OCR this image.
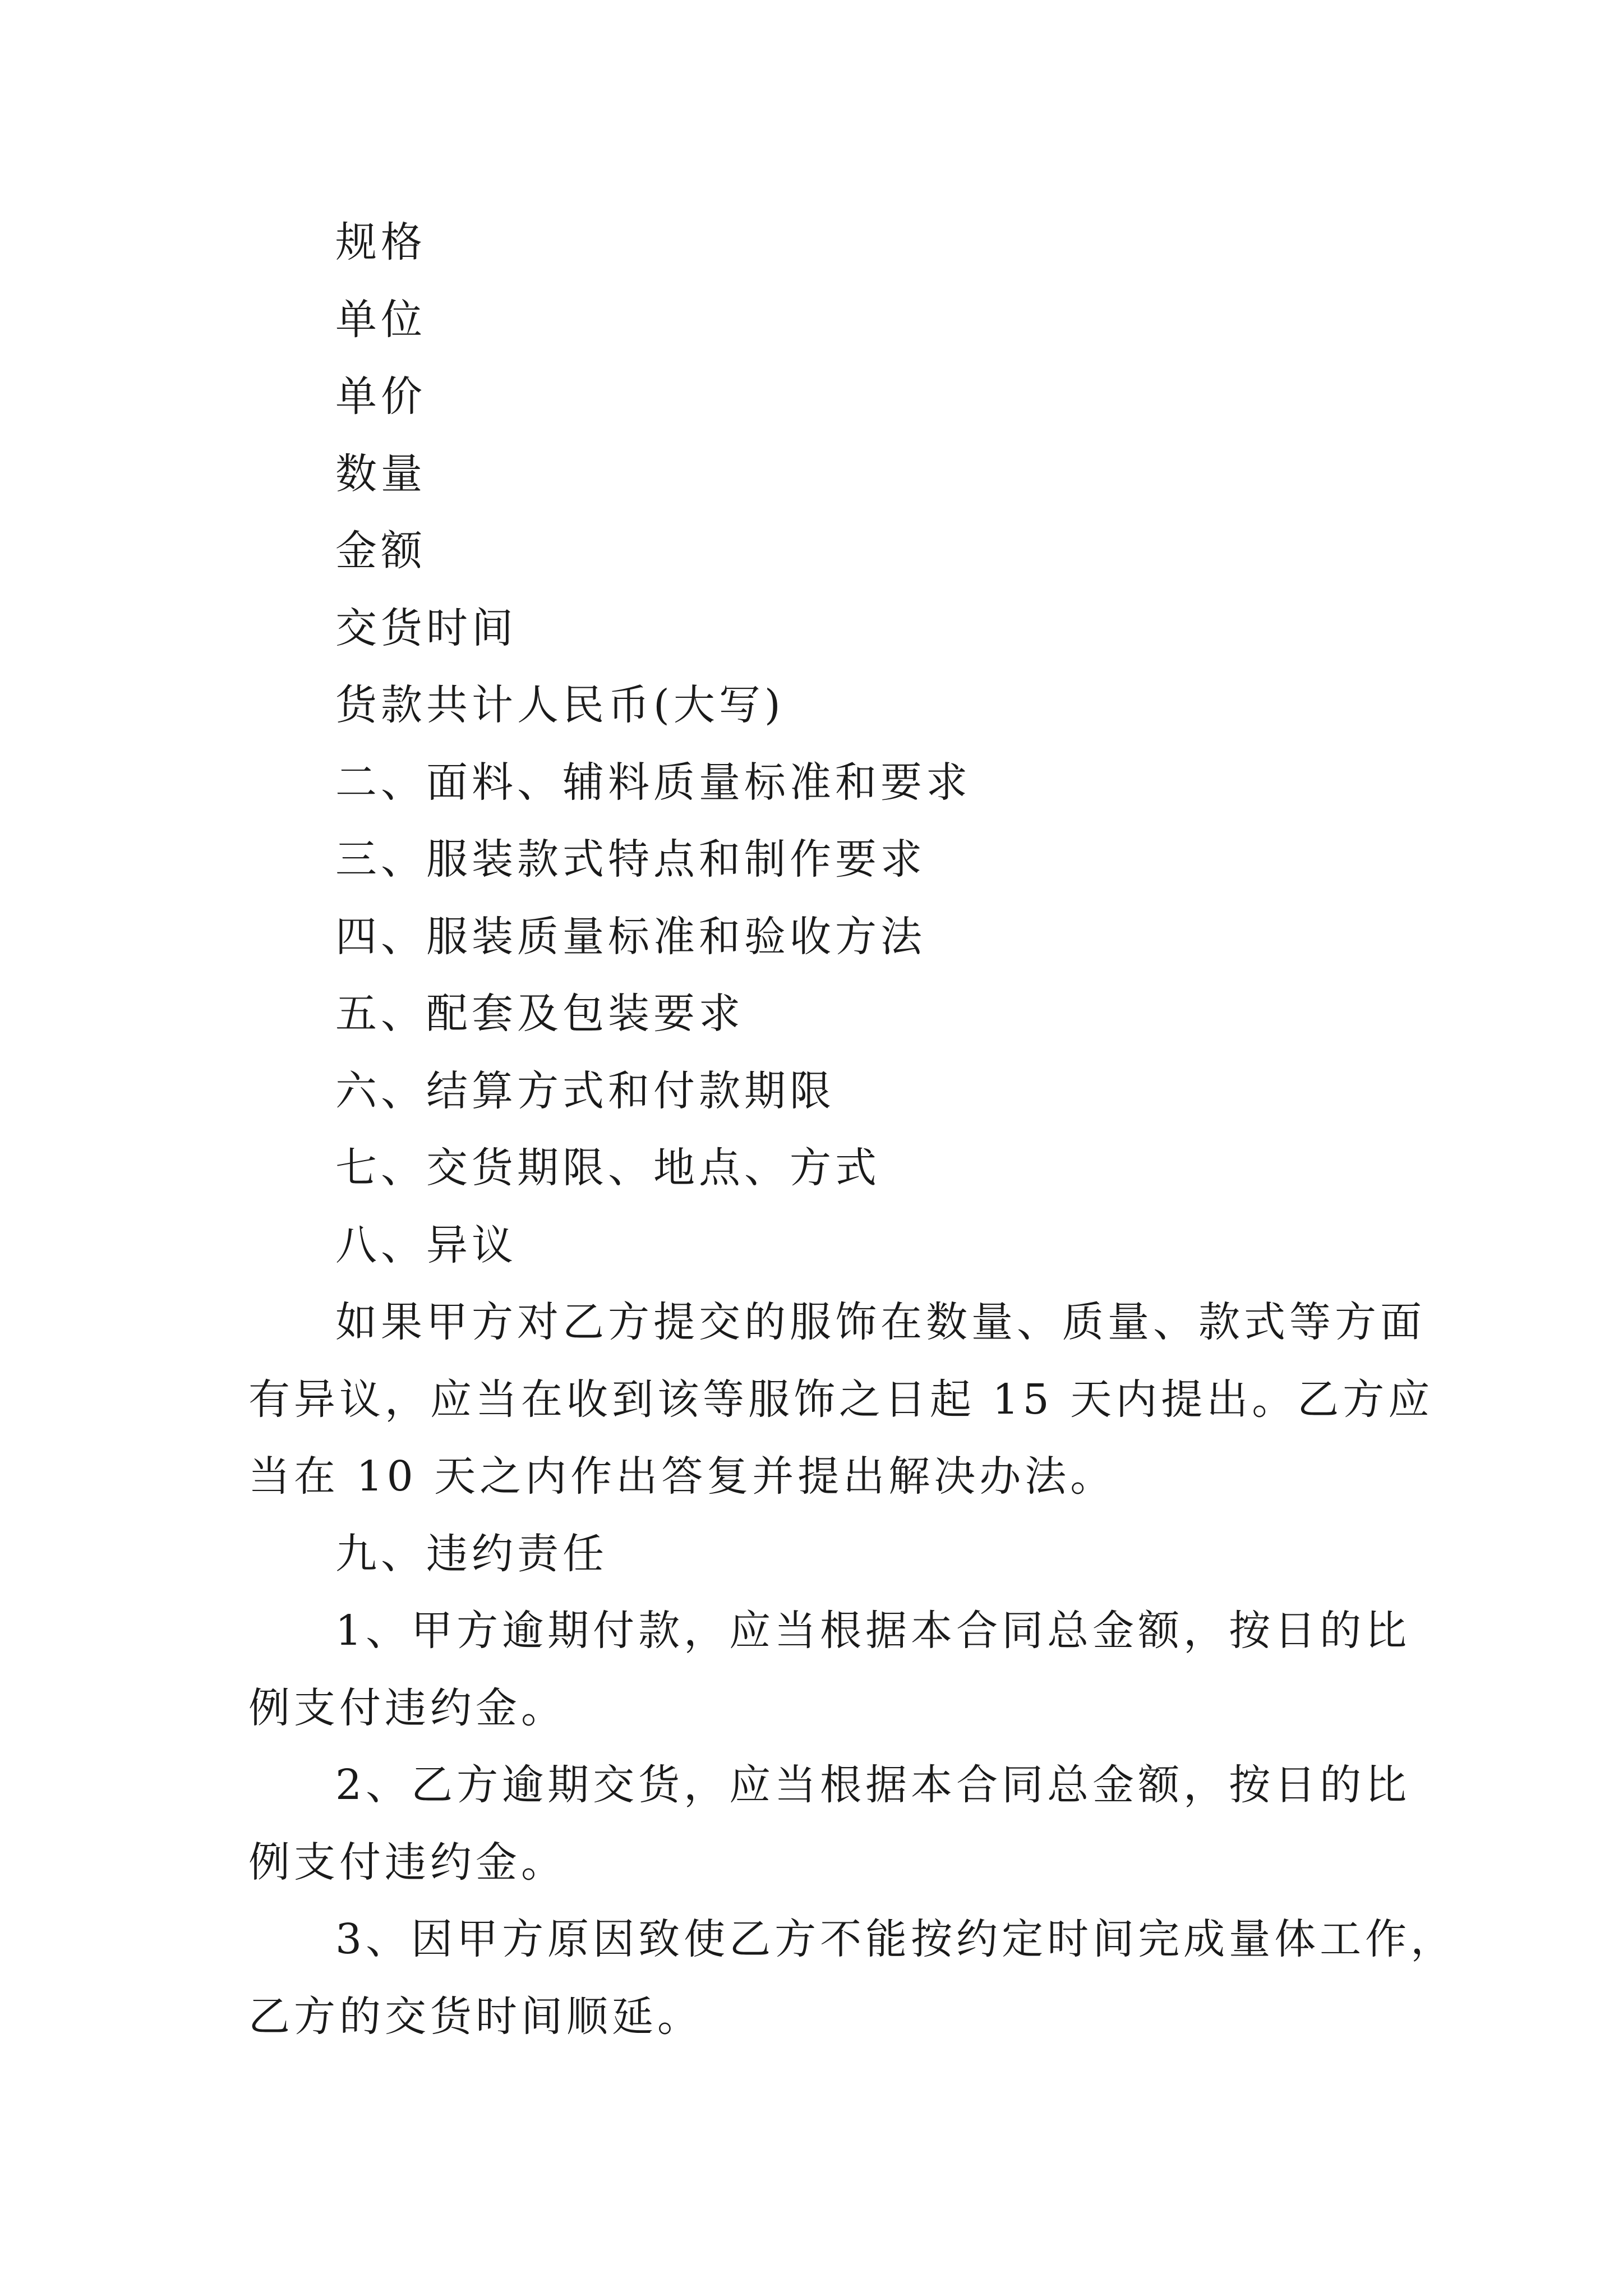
规格
单位
单价
数量
金额
交货时间
货款共计人民币(大写)
二、面料、辅料质量标准和要求
三、服装款式特点和制作要求
四、服装质量标准和验收方法
五、配套及包装要求
六、结算方式和付款期限
七、交货期限、地点、方式
八、异议
如果甲方对乙方提交的服饰在数量、质量、款式等方面
有异议，应当在收到该等服饰之日起 15 天内提出。乙方应
当在 10 天之内作出答复并提出解决办法。
九、违约责任
1、甲方逾期付款，应当根据本合同总金额，按日的比
例支付违约金。
2、乙方逾期交货，应当根据本合同总金额，按日的比
例支付违约金。
3、因甲方原因致使乙方不能按约定时间完成量体工作，
乙方的交货时间顺延。
